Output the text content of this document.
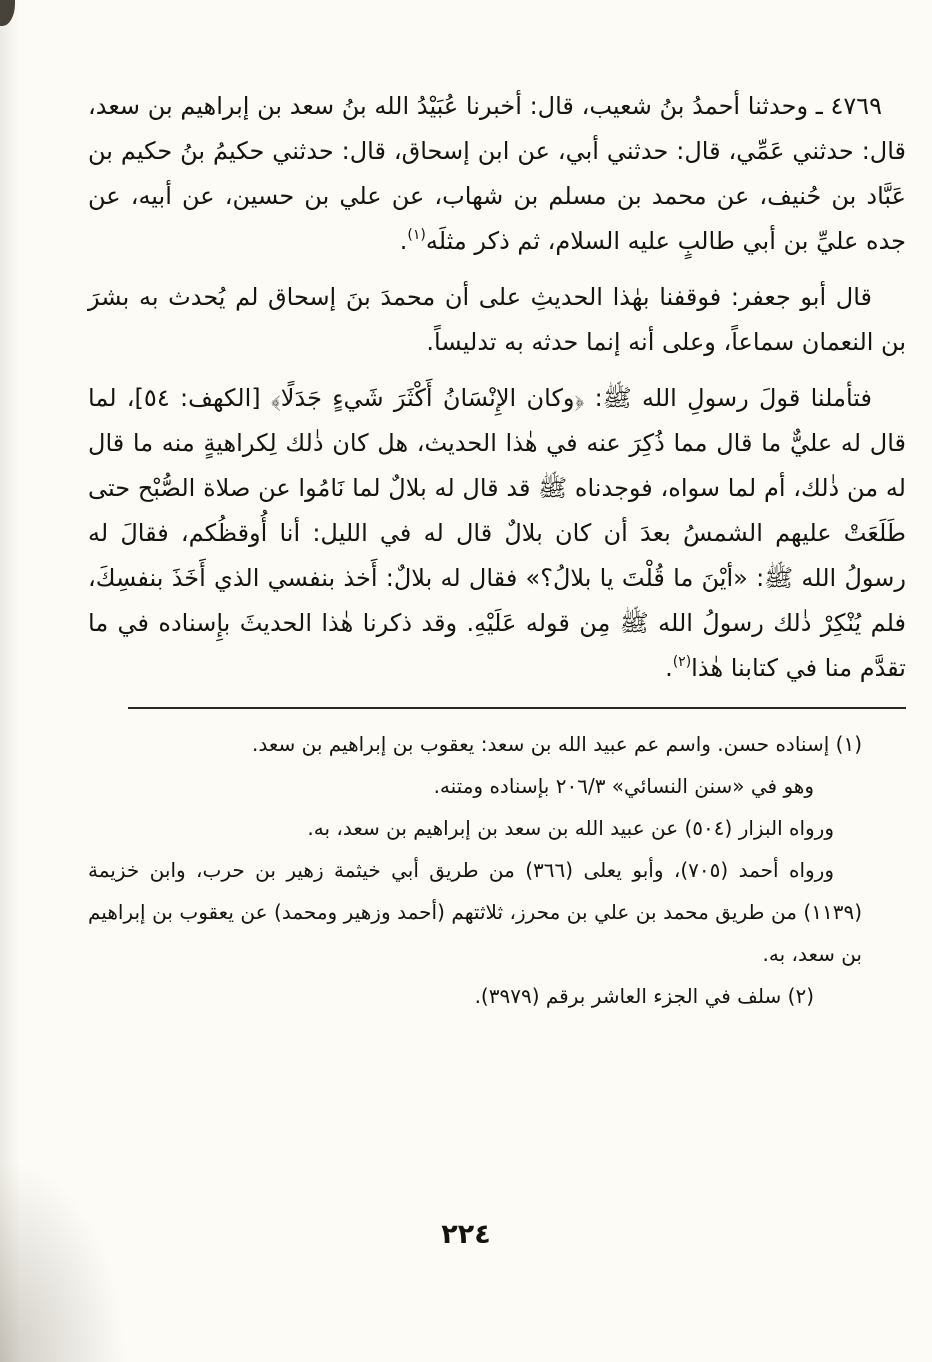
٤٧٦٩ ـ وحدثنا أحمدُ بنُ شعيب، قال: أخبرنا عُبَيْدُ الله بنُ سعد بن إبراهيم بن سعد، قال: حدثني عَمِّي، قال: حدثني أبي، عن ابن إسحاق، قال: حدثني حكيمُ بنُ حكيم بن عَبَّاد بن حُنيف، عن محمد بن مسلم بن شهاب، عن علي بن حسين، عن أبيه، عن جده عليِّ بن أبي طالبٍ عليه السلام، ثم ذكر مثلَه$^{(١)}$.

قال أبو جعفر: فوقفنا بهٰذا الحديثِ على أن محمدَ بنَ إسحاق لم يُحدث به بشرَ بن النعمان سماعاً، وعلى أنه إنما حدثه به تدليساً.

فتأملنا قولَ رسولِ الله ﷺ: ﴿وكان الإِنْسَانُ أَكْثَرَ شَيءٍ جَدَلًا﴾ [الكهف: ٥٤]، لما قال له عليٌّ ما قال مما ذُكِرَ عنه في هٰذا الحديث، هل كان ذٰلك لِكراهيةٍ منه ما قال له من ذٰلك، أم لما سواه، فوجدناه ﷺ قد قال له بلالٌ لما نَامُوا عن صلاة الصُّبْح حتى طَلَعَتْ عليهم الشمسُ بعدَ أن كان بلالٌ قال له في الليل: أنا أُوقظُكم، فقالَ له رسولُ الله ﷺ: «أيْنَ ما قُلْتَ يا بلالُ؟» فقال له بلالٌ: أَخذ بنفسي الذي أَخَذَ بنفسِكَ، فلم يُنْكِرْ ذٰلك رسولُ الله ﷺ مِن قوله عَلَيْهِ. وقد ذكرنا هٰذا الحديثَ بإِسناده في ما تقدَّم منا في كتابنا هٰذا$^{(٢)}$.

(١) إسناده حسن. واسم عم عبيد الله بن سعد: يعقوب بن إبراهيم بن سعد.

وهو في «سنن النسائي» ٢٠٦/٣ بإسناده ومتنه.

ورواه البزار (٥٠٤) عن عبيد الله بن سعد بن إبراهيم بن سعد، به.

ورواه أحمد (٧٠٥)، وأبو يعلى (٣٦٦) من طريق أبي خيثمة زهير بن حرب، وابن خزيمة (١١٣٩) من طريق محمد بن علي بن محرز، ثلاثتهم (أحمد وزهير ومحمد) عن يعقوب بن إبراهيم بن سعد، به.

(٢) سلف في الجزء العاشر برقم (٣٩٧٩).

٢٢٤
